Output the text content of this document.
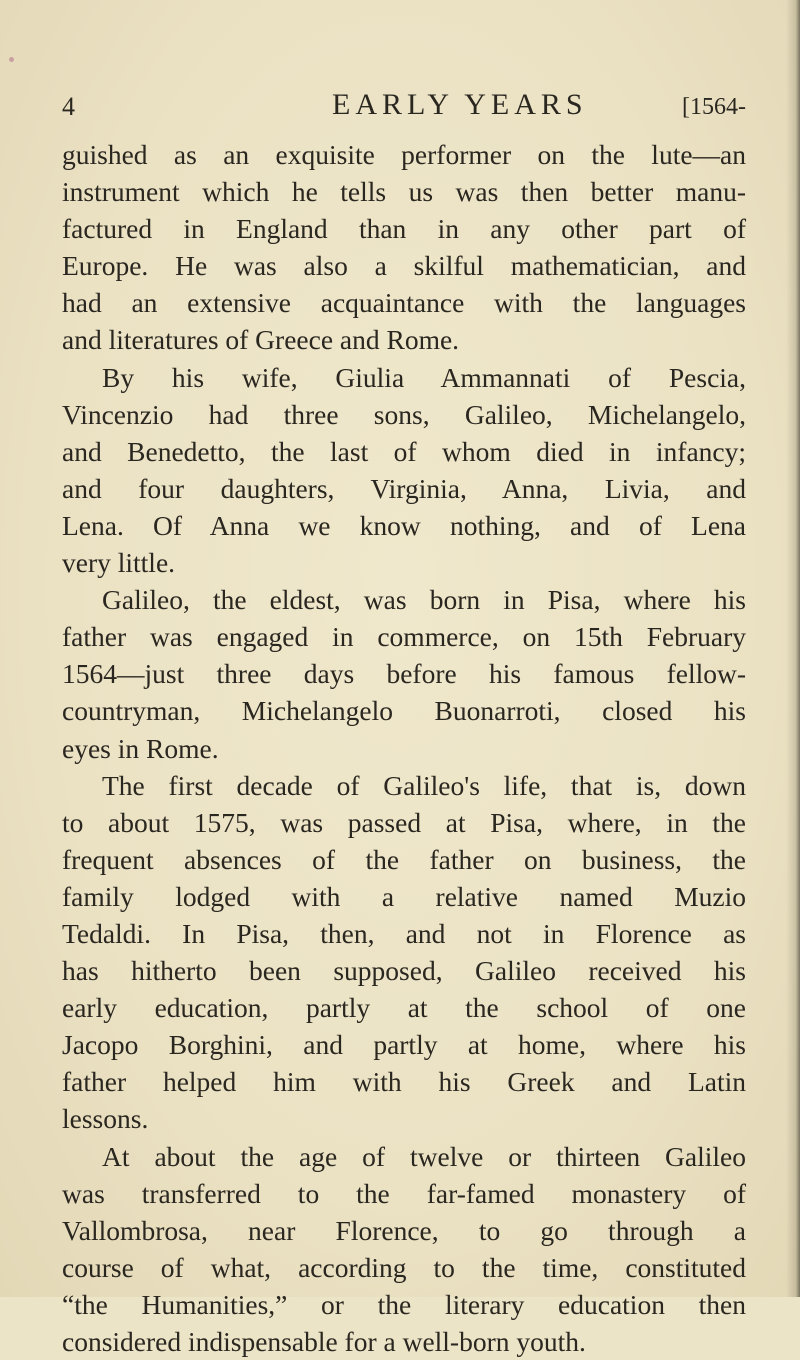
4	EARLY YEARS	[1564-
guished as an exquisite performer on the lute—an
instrument which he tells us was then better manu-
factured in England than in any other part of
Europe. He was also a skilful mathematician, and
had an extensive acquaintance with the languages
and literatures of Greece and Rome.
By his wife, Giulia Ammannati of Pescia,
Vincenzio had three sons, Galileo, Michelangelo,
and Benedetto, the last of whom died in infancy;
and four daughters, Virginia, Anna, Livia, and
Lena. Of Anna we know nothing, and of Lena
very little.
Galileo, the eldest, was born in Pisa, where his
father was engaged in commerce, on 15th February
1564—just three days before his famous fellow-
countryman, Michelangelo Buonarroti, closed his
eyes in Rome.
The first decade of Galileo's life, that is, down
to about 1575, was passed at Pisa, where, in the
frequent absences of the father on business, the
family lodged with a relative named Muzio
Tedaldi. In Pisa, then, and not in Florence as
has hitherto been supposed, Galileo received his
early education, partly at the school of one
Jacopo Borghini, and partly at home, where his
father helped him with his Greek and Latin
lessons.
At about the age of twelve or thirteen Galileo
was transferred to the far-famed monastery of
Vallombrosa, near Florence, to go through a
course of what, according to the time, constituted
“the Humanities,” or the literary education then
considered indispensable for a well-born youth.
